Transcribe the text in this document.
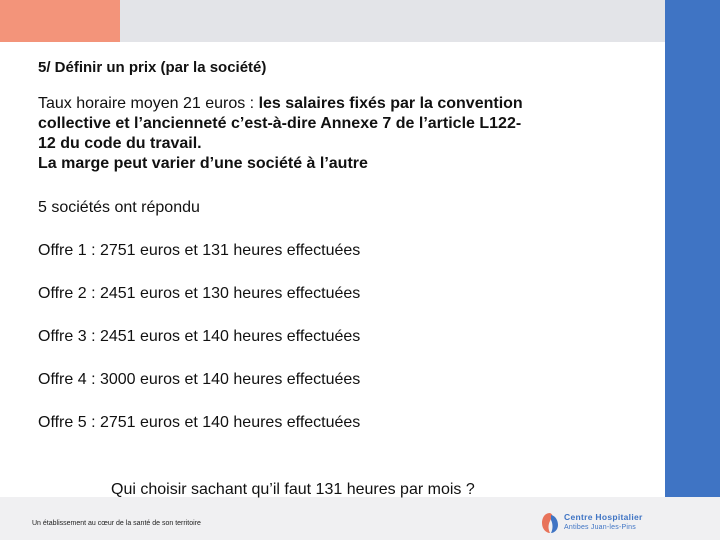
5/ Définir un prix (par la société)

Taux horaire moyen 21 euros : les salaires fixés par la convention
collective et l’ancienneté c’est-à-dire Annexe 7 de l’article L122-
12 du code du travail.
La marge peut varier d’une société à l’autre

5 sociétés ont répondu

Offre 1 : 2751 euros et 131 heures effectuées

Offre 2 : 2451 euros et 130 heures effectuées

Offre 3 : 2451 euros et 140 heures effectuées

Offre 4 : 3000 euros et 140 heures effectuées

Offre 5 : 2751 euros et 140 heures effectuées

Qui choisir sachant qu’il faut 131 heures par mois ?
Un établissement au cœur de la santé de son territoire
Centre Hospitalier
Antibes Juan-les-Pins
